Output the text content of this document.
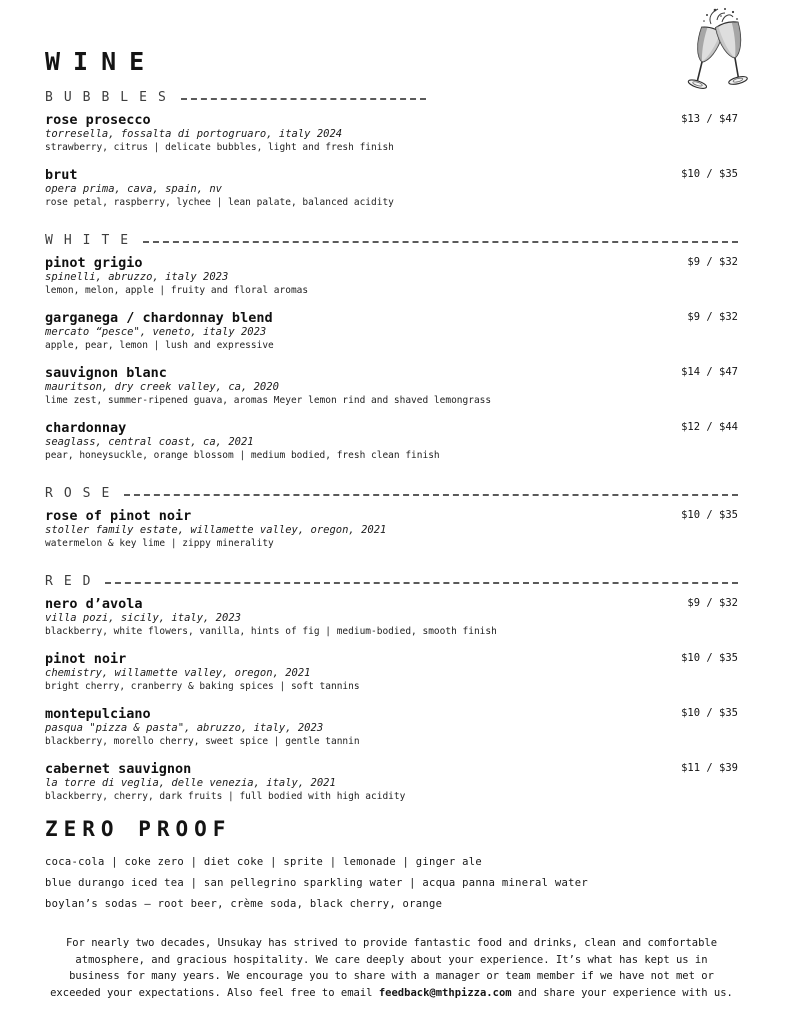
WINE
BUBBLES
rose prosecco
torresella, fossalta di portogruaro, italy 2024
strawberry, citrus | delicate bubbles, light and fresh finish
$13 / $47
brut
opera prima, cava, spain, nv
rose petal, raspberry, lychee | lean palate, balanced acidity
$10 / $35
WHITE
pinot grigio
spinelli, abruzzo, italy 2023
lemon, melon, apple | fruity and floral aromas
$9 / $32
garganega / chardonnay blend
mercato “pesce", veneto, italy 2023
apple, pear, lemon | lush and expressive
$9 / $32
sauvignon blanc
mauritson, dry creek valley, ca, 2020
lime zest, summer-ripened guava, aromas Meyer lemon rind and shaved lemongrass
$14 / $47
chardonnay
seaglass, central coast, ca, 2021
pear, honeysuckle, orange blossom | medium bodied, fresh clean finish
$12 / $44
ROSE
rose of pinot noir
stoller family estate, willamette valley, oregon, 2021
watermelon & key lime | zippy minerality
$10 / $35
RED
nero d’avola
villa pozi, sicily, italy, 2023
blackberry, white flowers, vanilla, hints of fig | medium-bodied, smooth finish
$9 / $32
pinot noir
chemistry, willamette valley, oregon, 2021
bright cherry, cranberry & baking spices | soft tannins
$10 / $35
montepulciano
pasqua "pizza & pasta", abruzzo, italy, 2023
blackberry, morello cherry, sweet spice | gentle tannin
$10 / $35
cabernet sauvignon
la torre di veglia, delle venezia, italy, 2021
blackberry, cherry, dark fruits | full bodied with high acidity
$11 / $39
ZERO PROOF
coca-cola | coke zero | diet coke | sprite | lemonade | ginger ale
blue durango iced tea | san pellegrino sparkling water | acqua panna mineral water
boylan’s sodas – root beer, crème soda, black cherry, orange
For nearly two decades, Unsukay has strived to provide fantastic food and drinks, clean and comfortable atmosphere, and gracious hospitality. We care deeply about your experience. It’s what has kept us in business for many years. We encourage you to share with a manager or team member if we have not met or exceeded your expectations. Also feel free to email feedback@mthpizza.com and share your experience with us.
